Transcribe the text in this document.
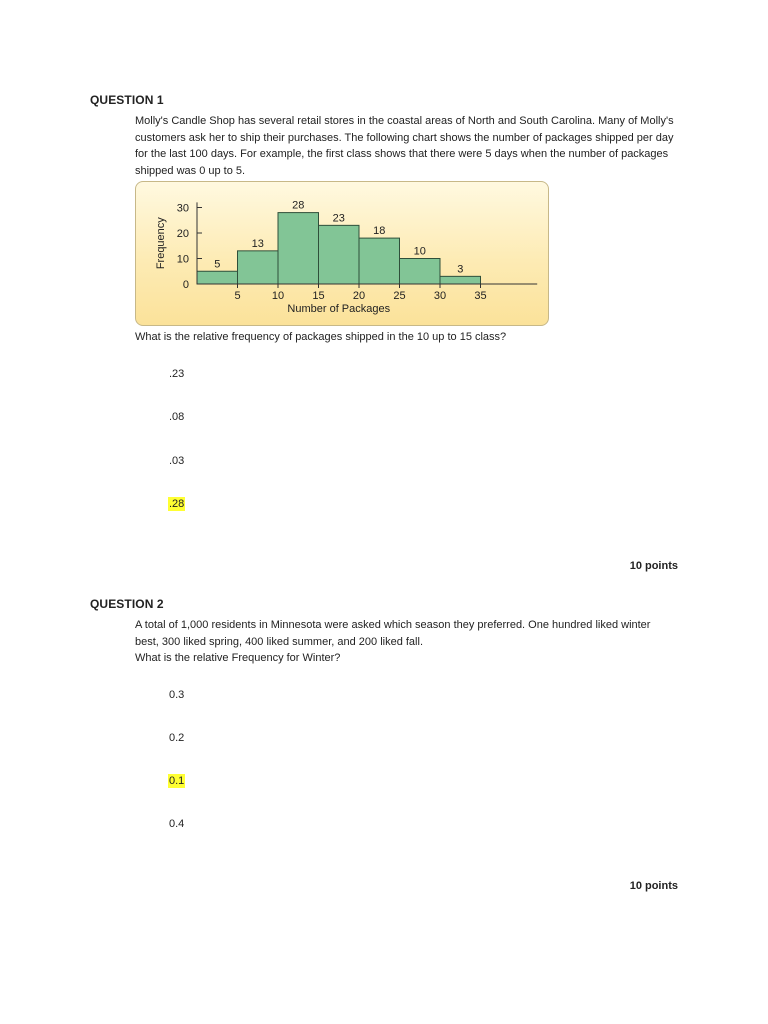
QUESTION 1

Molly's Candle Shop has several retail stores in the coastal areas of North and South Carolina. Many of Molly's customers ask her to ship their purchases. The following chart shows the number of packages shipped per day for the last 100 days. For example, the first class shows that there were 5 days when the number of packages shipped was 0 up to 5.

5
13
28
23
18
10
3
5	10	15	20	25	30	35
Number of Packages
0
10
20
30
Frequency
What is the relative frequency of packages shipped in the 10 up to 15 class?
.23
.08
.03
.28
10 points
QUESTION 2

A total of 1,000 residents in Minnesota were asked which season they preferred. One hundred liked winter best, 300 liked spring, 400 liked summer, and 200 liked fall.

What is the relative Frequency for Winter?

0.3
0.2
0.1
0.4
10 points
